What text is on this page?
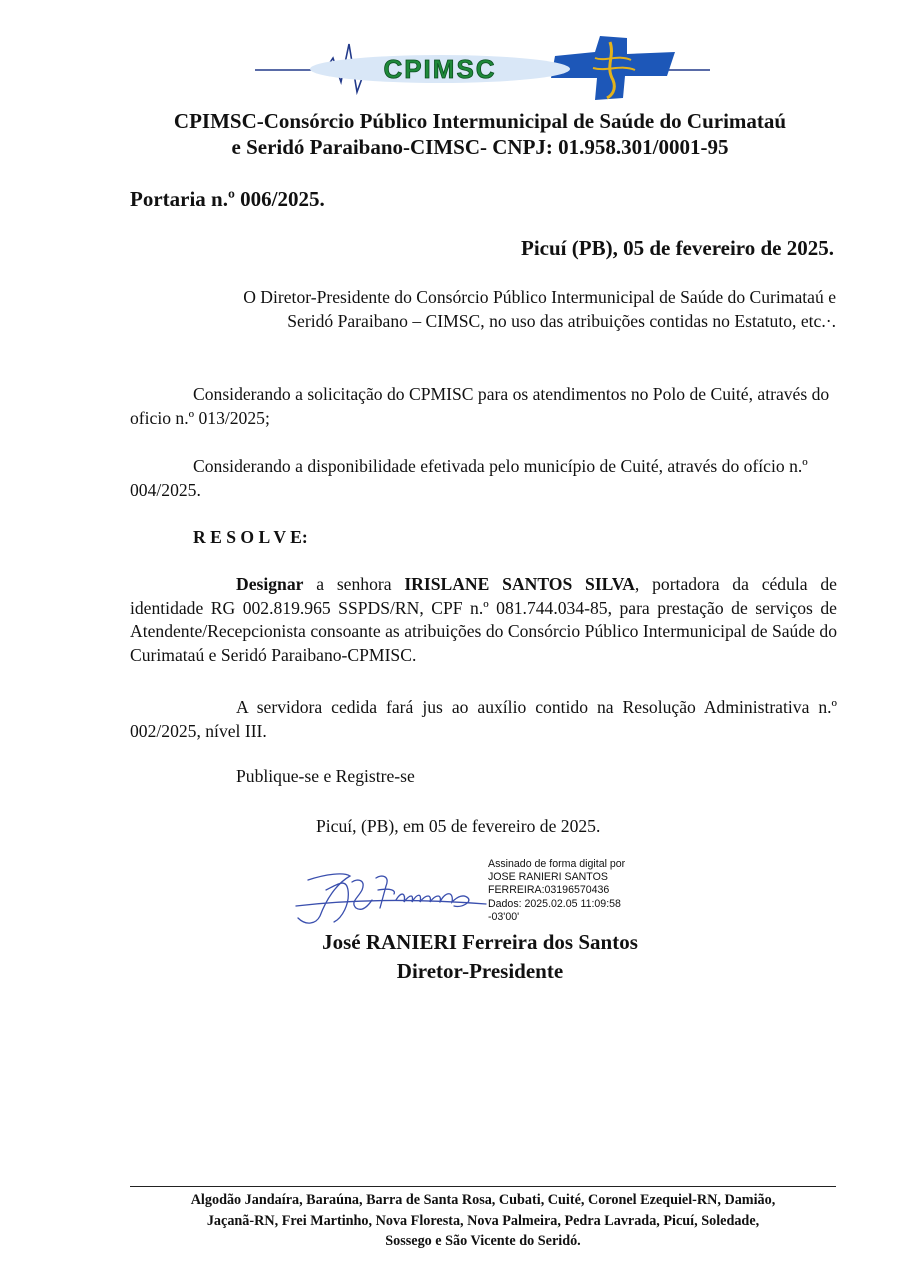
CPIMSC
CPIMSC-Consórcio Público Intermunicipal de Saúde do Curimataú
e Seridó Paraibano-CIMSC- CNPJ: 01.958.301/0001-95
Portaria n.º 006/2025.
Picuí (PB), 05 de fevereiro de 2025.
O Diretor-Presidente do Consórcio Público Intermunicipal de Saúde do Curimataú e Seridó Paraibano – CIMSC, no uso das atribuições contidas no Estatuto, etc.·.
Considerando a solicitação do CPMISC para os atendimentos no Polo de Cuité, através do oficio n.º 013/2025;
Considerando a disponibilidade efetivada pelo município de Cuité, através do ofício n.º 004/2025.
R E S O L V E:
Designar a senhora IRISLANE SANTOS SILVA, portadora da cédula de identidade RG 002.819.965 SSPDS/RN, CPF n.º 081.744.034-85, para prestação de serviços de Atendente/Recepcionista consoante as atribuições do Consórcio Público Intermunicipal de Saúde do Curimataú e Seridó Paraibano-CPMISC.
A servidora cedida fará jus ao auxílio contido na Resolução Administrativa n.º 002/2025, nível III.
Publique-se e Registre-se
Picuí, (PB), em 05 de fevereiro de 2025.
Assinado de forma digital por
JOSE RANIERI SANTOS
FERREIRA:03196570436
Dados: 2025.02.05 11:09:58
-03'00'
José RANIERI Ferreira dos Santos
Diretor-Presidente
Algodão Jandaíra, Baraúna, Barra de Santa Rosa, Cubati, Cuité, Coronel Ezequiel-RN, Damião,
Jaçanã-RN, Frei Martinho, Nova Floresta, Nova Palmeira, Pedra Lavrada, Picuí, Soledade,
Sossego e São Vicente do Seridó.
